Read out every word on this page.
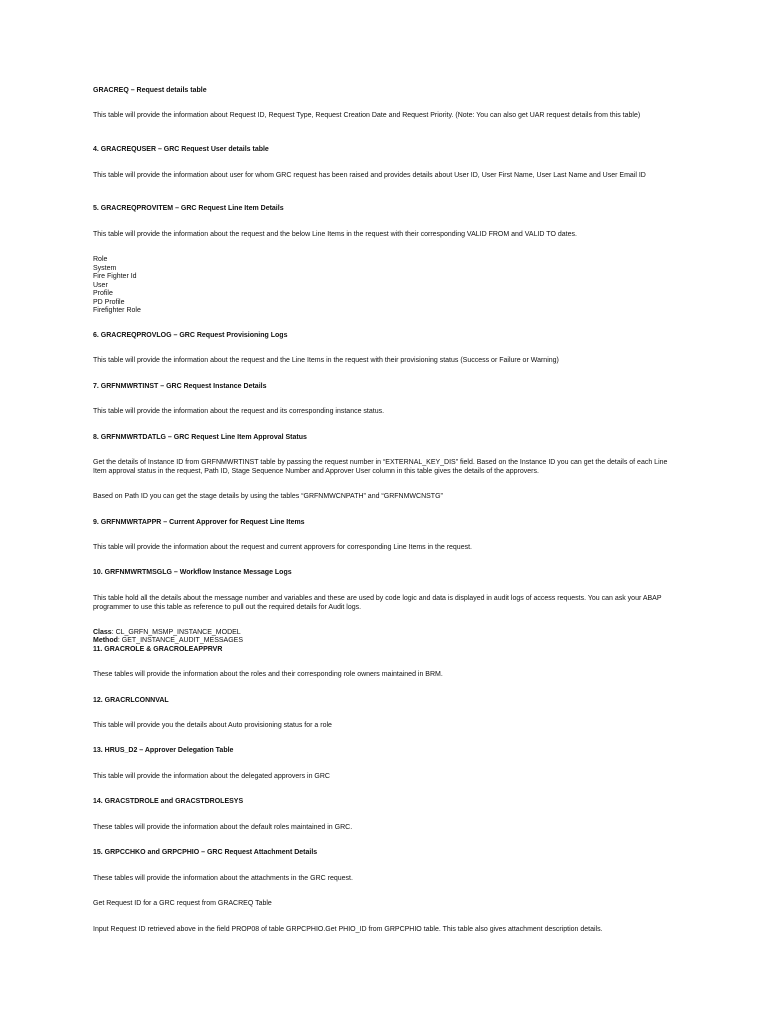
GRACREQ – Request details table

This table will provide the information about Request ID, Request Type, Request Creation Date and Request Priority. (Note: You can also get UAR request details from this table)

4. GRACREQUSER – GRC Request User details table

This table will provide the information about user for whom GRC request has been raised and provides details about User ID, User First Name, User Last Name and User Email ID

5. GRACREQPROVITEM – GRC Request Line Item Details

This table will provide the information about the request and the below Line Items in the request with their corresponding VALID FROM and VALID TO dates.

Role
System
Fire Fighter Id
User
Profile
PD Profile
Firefighter Role

6. GRACREQPROVLOG – GRC Request Provisioning Logs

This table will provide the information about the request and the Line Items in the request with their provisioning status (Success or Failure or Warning)

7. GRFNMWRTINST – GRC Request Instance Details

This table will provide the information about the request and its corresponding instance status.

8. GRFNMWRTDATLG – GRC Request Line Item Approval Status

Get the details of Instance ID from GRFNMWRTINST table by passing the request number in “EXTERNAL_KEY_DIS” field. Based on the Instance ID you can get the details of each Line Item approval status in the request, Path ID, Stage Sequence Number and Approver User column in this table gives the details of the approvers.

Based on Path ID you can get the stage details by using the tables “GRFNMWCNPATH” and “GRFNMWCNSTG”

9. GRFNMWRTAPPR – Current Approver for Request Line Items

This table will provide the information about the request and current approvers for corresponding Line Items in the request.

10. GRFNMWRTMSGLG – Workflow Instance Message Logs

This table hold all the details about the message number and variables and these are used by code logic and data is displayed in audit logs of access requests. You can ask your ABAP programmer to use this table as reference to pull out the required details for Audit logs.

Class: CL_GRFN_MSMP_INSTANCE_MODEL
Method: GET_INSTANCE_AUDIT_MESSAGES

11. GRACROLE & GRACROLEAPPRVR

These tables will provide the information about the roles and their corresponding role owners maintained in BRM.

12. GRACRLCONNVAL

This table will provide you the details about Auto provisioning status for a role

13. HRUS_D2 – Approver Delegation Table

This table will provide the information about the delegated approvers in GRC

14. GRACSTDROLE and GRACSTDROLESYS

These tables will provide the information about the default roles maintained in GRC.

15. GRPCCHKO and GRPCPHIO – GRC Request Attachment Details

These tables will provide the information about the attachments in the GRC request.

Get Request ID for a GRC request from GRACREQ Table

Input Request ID retrieved above in the field PROP08 of table GRPCPHIO.Get PHIO_ID from GRPCPHIO table. This table also gives attachment description details.
